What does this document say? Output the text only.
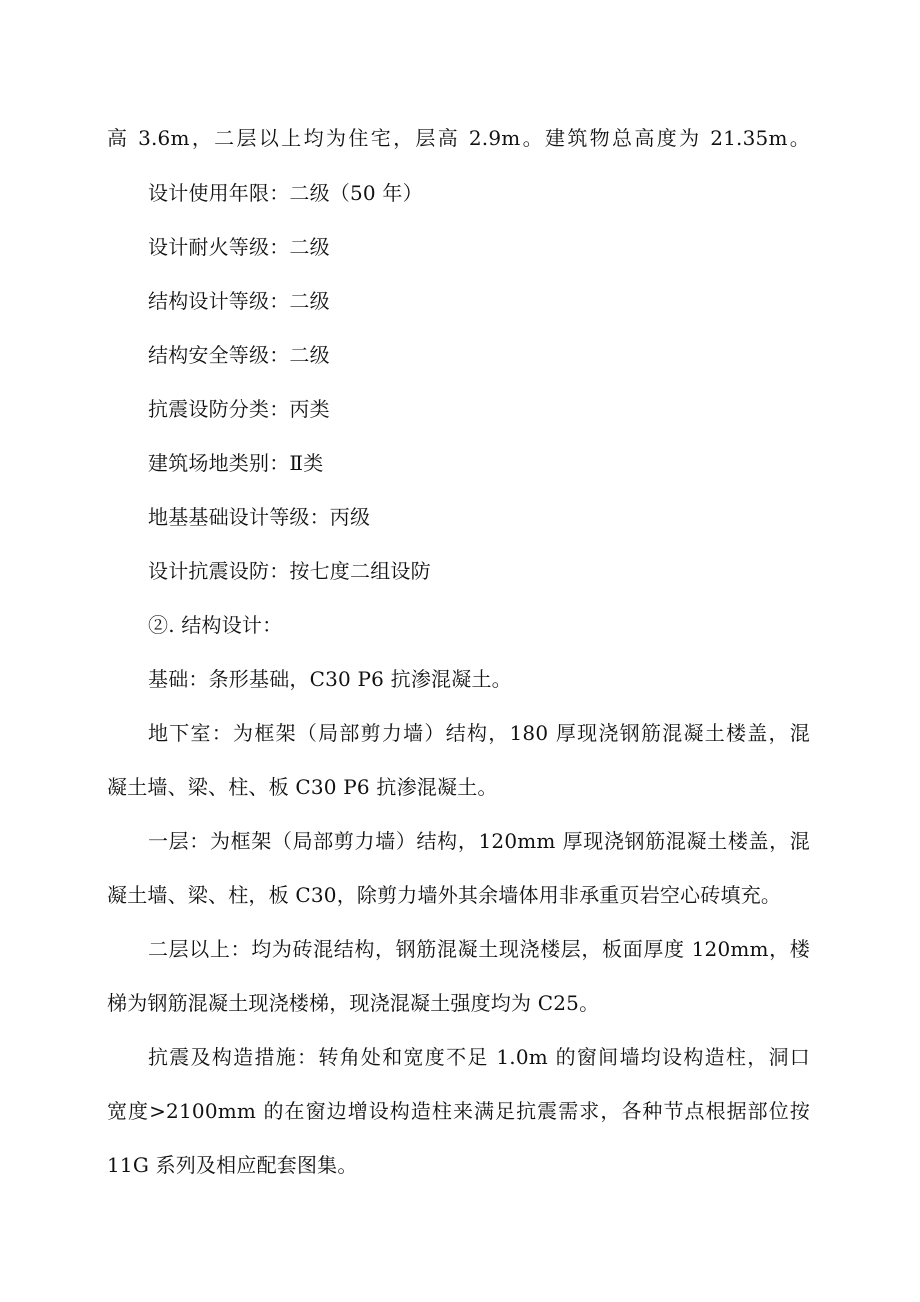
高 3.6m，二层以上均为住宅，层高 2.9m。建筑物总高度为 21.35m。
设计使用年限：二级（50 年）
设计耐火等级：二级
结构设计等级：二级
结构安全等级：二级
抗震设防分类：丙类
建筑场地类别：Ⅱ类
地基基础设计等级：丙级
设计抗震设防：按七度二组设防
②. 结构设计：
基础：条形基础，C30 P6 抗渗混凝土。
地下室：为框架（局部剪力墙）结构，180 厚现浇钢筋混凝土楼盖，混
凝土墙、梁、柱、板 C30 P6 抗渗混凝土。
一层：为框架（局部剪力墙）结构，120mm 厚现浇钢筋混凝土楼盖，混
凝土墙、梁、柱，板 C30，除剪力墙外其余墙体用非承重页岩空心砖填充。
二层以上：均为砖混结构，钢筋混凝土现浇楼层，板面厚度 120mm，楼
梯为钢筋混凝土现浇楼梯，现浇混凝土强度均为 C25。
抗震及构造措施：转角处和宽度不足 1.0m 的窗间墙均设构造柱，洞口
宽度>2100mm 的在窗边增设构造柱来满足抗震需求，各种节点根据部位按
11G 系列及相应配套图集。
